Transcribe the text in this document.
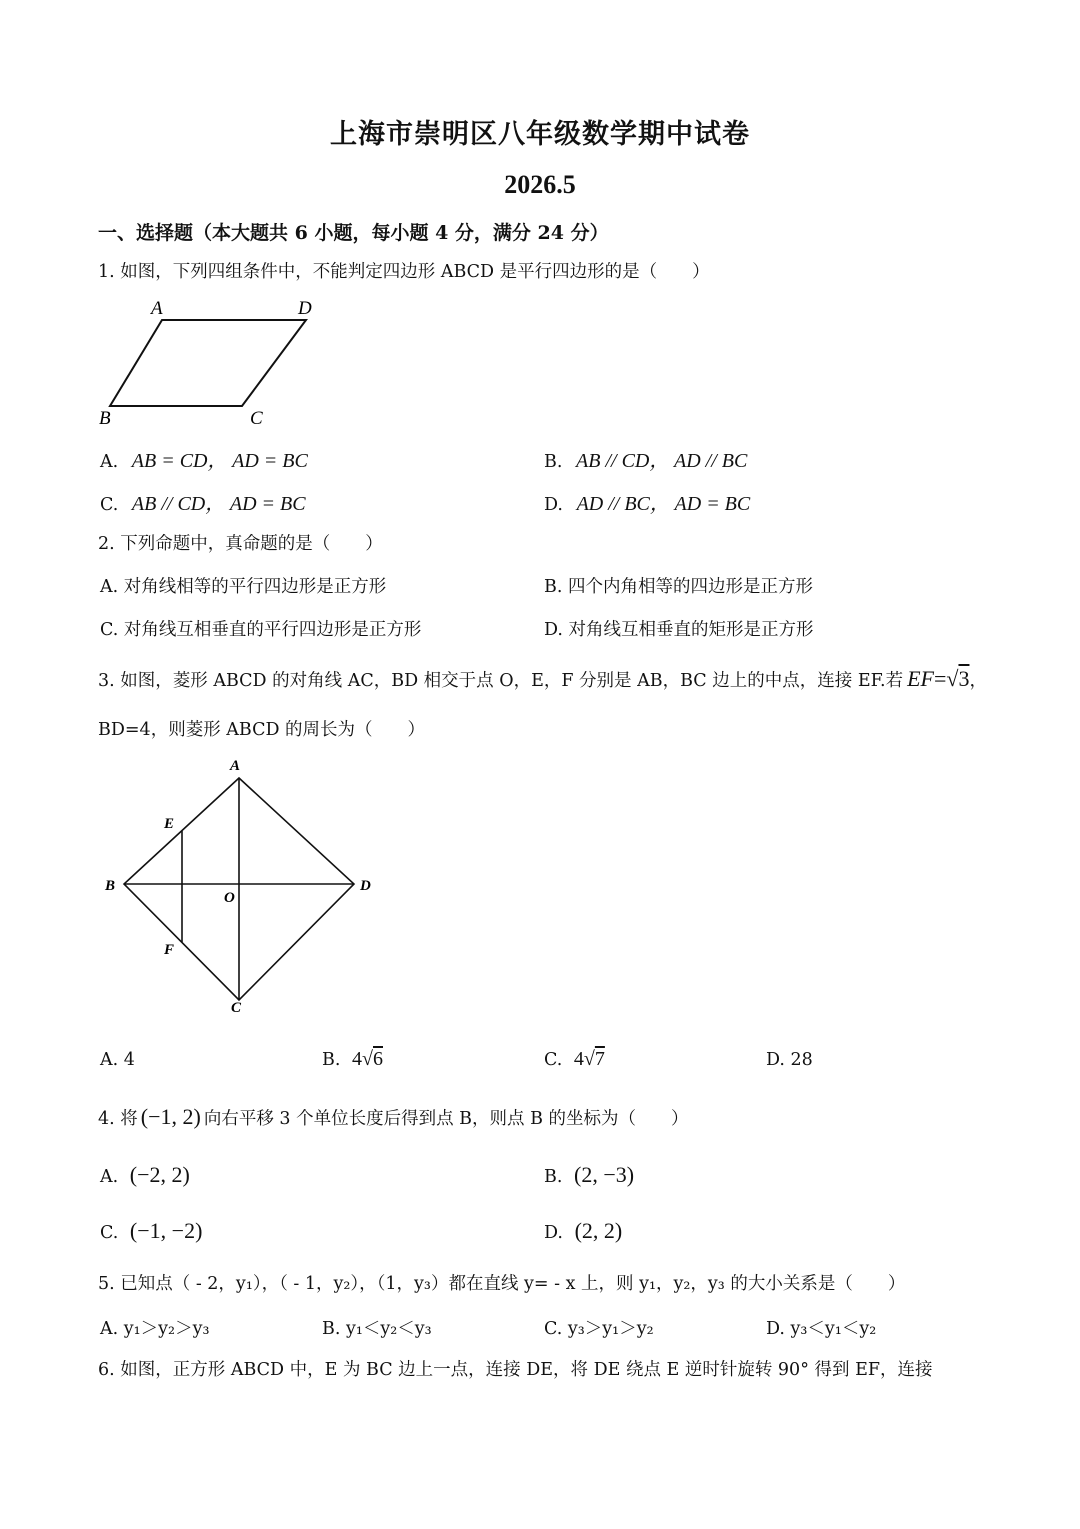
上海市崇明区八年级数学期中试卷
2026.5
一、选择题（本大题共 6 小题，每小题 4 分，满分 24 分）
1. 如图，下列四组条件中，不能判定四边形 ABCD 是平行四边形的是（　　）
A	D
B	C
A. AB = CD， AD = BC	B. AB // CD， AD // BC
C. AB // CD， AD = BC	D. AD // BC， AD = BC
2. 下列命题中，真命题的是（　　）
A. 对角线相等的平行四边形是正方形	B. 四个内角相等的四边形是正方形
C. 对角线互相垂直的平行四边形是正方形	D. 对角线互相垂直的矩形是正方形
3. 如图，菱形 ABCD 的对角线 AC，BD 相交于点 O，E，F 分别是 AB，BC 边上的中点，连接 EF.若 EF=√3，
BD=4，则菱形 ABCD 的周长为（　　）
A
B	D
C
E
F
O
A. 4	B. 4√6	C. 4√7	D. 28
4. 将 (−1, 2) 向右平移 3 个单位长度后得到点 B，则点 B 的坐标为（　　）
A. (−2, 2)	B. (2, −3)
C. (−1, −2)	D. (2, 2)
5. 已知点（ - 2，y₁），（ - 1，y₂），（1，y₃）都在直线 y= - x 上，则 y₁，y₂，y₃ 的大小关系是（　　）
A. y₁＞y₂＞y₃	B. y₁＜y₂＜y₃	C. y₃＞y₁＞y₂	D. y₃＜y₁＜y₂
6. 如图，正方形 ABCD 中，E 为 BC 边上一点，连接 DE，将 DE 绕点 E 逆时针旋转 90° 得到 EF，连接
